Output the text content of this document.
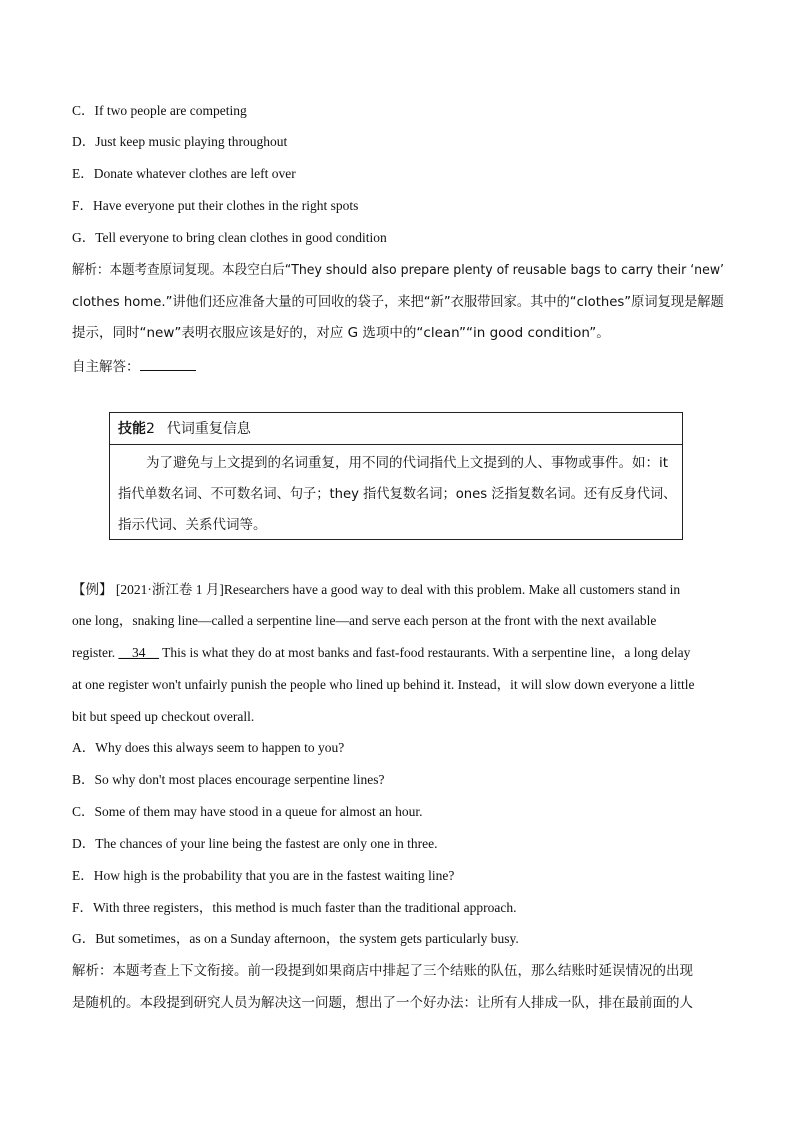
C．If two people are competing
D．Just keep music playing throughout
E．Donate whatever clothes are left over
F．Have everyone put their clothes in the right spots
G．Tell everyone to bring clean clothes in good condition
解析：本题考查原词复现。本段空白后“They should also prepare plenty of reusable bags to carry their ‘new’
clothes home.”讲他们还应准备大量的可回收的袋子，来把“新”衣服带回家。其中的“clothes”原词复现是解题
提示，同时“new”表明衣服应该是好的，对应 G 选项中的“clean”“in good condition”。
自主解答：
技能2 代词重复信息
为了避免与上文提到的名词重复，用不同的代词指代上文提到的人、事物或事件。如：it
指代单数名词、不可数名词、句子；they 指代复数名词；ones 泛指复数名词。还有反身代词、
指示代词、关系代词等。
【例】 [2021·浙江卷 1 月]Researchers have a good way to deal with this problem. Make all customers stand in
one long，snaking line—called a serpentine line—and serve each person at the front with the next available
register. __34__ This is what they do at most banks and fast-food restaurants. With a serpentine line，a long delay
at one register won't unfairly punish the people who lined up behind it. Instead，it will slow down everyone a little
bit but speed up checkout overall.
A．Why does this always seem to happen to you?
B．So why don't most places encourage serpentine lines?
C．Some of them may have stood in a queue for almost an hour.
D．The chances of your line being the fastest are only one in three.
E．How high is the probability that you are in the fastest waiting line?
F．With three registers，this method is much faster than the traditional approach.
G．But sometimes，as on a Sunday afternoon，the system gets particularly busy.
解析：本题考查上下文衔接。前一段提到如果商店中排起了三个结账的队伍，那么结账时延误情况的出现
是随机的。本段提到研究人员为解决这一问题，想出了一个好办法：让所有人排成一队，排在最前面的人
